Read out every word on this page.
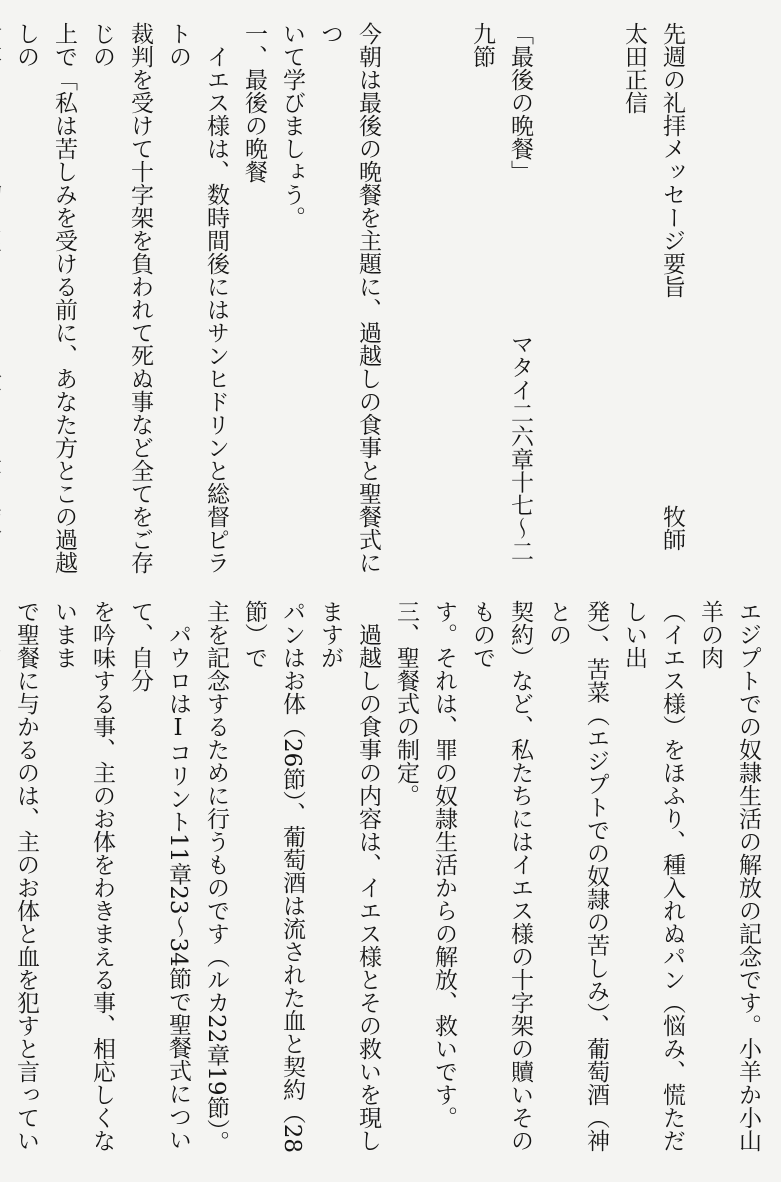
先週の礼拝メッセージ要旨　　　　　　　　　牧師　太田正信

「最後の晩餐」　　　　　　　マタイ二六章十七～二九節

今朝は最後の晩餐を主題に、過越しの食事と聖餐式につ
いて学びましょう。
一、最後の晩餐
　イエス様は、数時間後にはサンヒドリンと総督ピラトの
裁判を受けて十字架を負われて死ぬ事など全てをご存じの
上で「私は苦しみを受ける前に、あなた方とこの過越しの
エジプトでの奴隷生活の解放の記念です。小羊か小山羊の肉
（イエス様）をほふり、種入れぬパン（悩み、慌ただしい出
発）、苦菜（エジプトでの奴隷の苦しみ）、葡萄酒（神との
契約）など、私たちにはイエス様の十字架の贖いそのもので
す。それは、罪の奴隷生活からの解放、救いです。
三、聖餐式の制定。
　過越しの食事の内容は、イエス様とその救いを現しますが
パンはお体（26節）、葡萄酒は流された血と契約（28節）で
主を記念するために行うものです（ルカ22章19節）。
　パウロはⅠコリント11章23～34節で聖餐式について、自分
を吟味する事、主のお体をわきまえる事、相応しくないまま
で聖餐に与かるのは、主のお体と血を犯すと言ってい
